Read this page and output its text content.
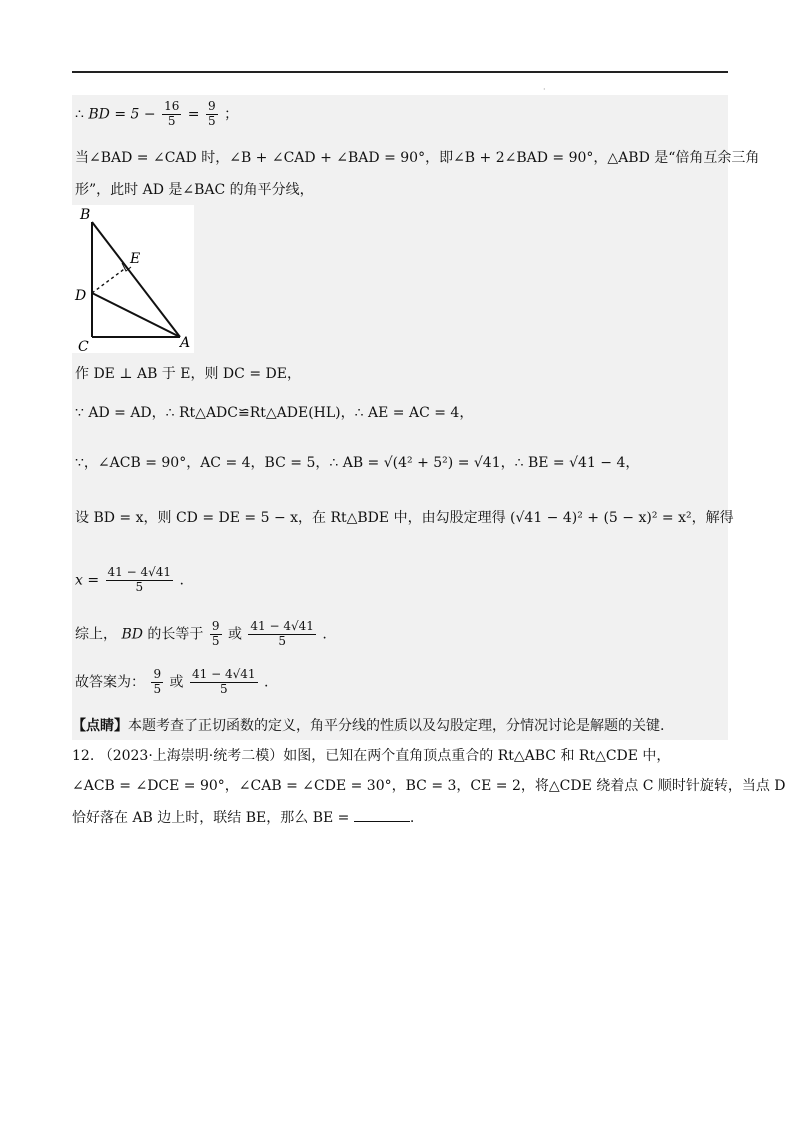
·
∴ BD = $5 - \frac{16}{5} = \frac{9}{5}$ ；
当∠BAD = ∠CAD 时，∠B + ∠CAD + ∠BAD = 90°，即∠B + 2∠BAD = 90°，△ABD 是“倍角互余三角
形”，此时 AD 是∠BAC 的角平分线，
B
E
D
C	A
作 DE ⊥ AB 于 E，则 DC = DE，
∵ AD = AD，∴ Rt△ADC≌Rt△ADE(HL)，∴ AE = AC = 4，
∵，∠ACB = 90°，AC = 4，BC = 5，∴ AB = √(4² + 5²) = √41，∴ BE = √41 − 4，
设 BD = x，则 CD = DE = 5 − x，在 Rt△BDE 中，由勾股定理得 (√41 − 4)² + (5 − x)² = x²，解得
$x = \frac{41 - 4√41}{5}$ .
综上， BD 的长等于 $\frac{9}{5}$ 或 $\frac{41 - 4√41}{5}$ .
故答案为： $\frac{9}{5}$ 或 $\frac{41 - 4√41}{5}$ .
【点睛】本题考查了正切函数的定义，角平分线的性质以及勾股定理，分情况讨论是解题的关键.
12. （2023·上海崇明·统考二模）如图，已知在两个直角顶点重合的 Rt△ABC 和 Rt△CDE 中，
∠ACB = ∠DCE = 90°，∠CAB = ∠CDE = 30°，BC = 3，CE = 2，将△CDE 绕着点 C 顺时针旋转，当点 D
恰好落在 AB 边上时，联结 BE，那么 BE =	.
